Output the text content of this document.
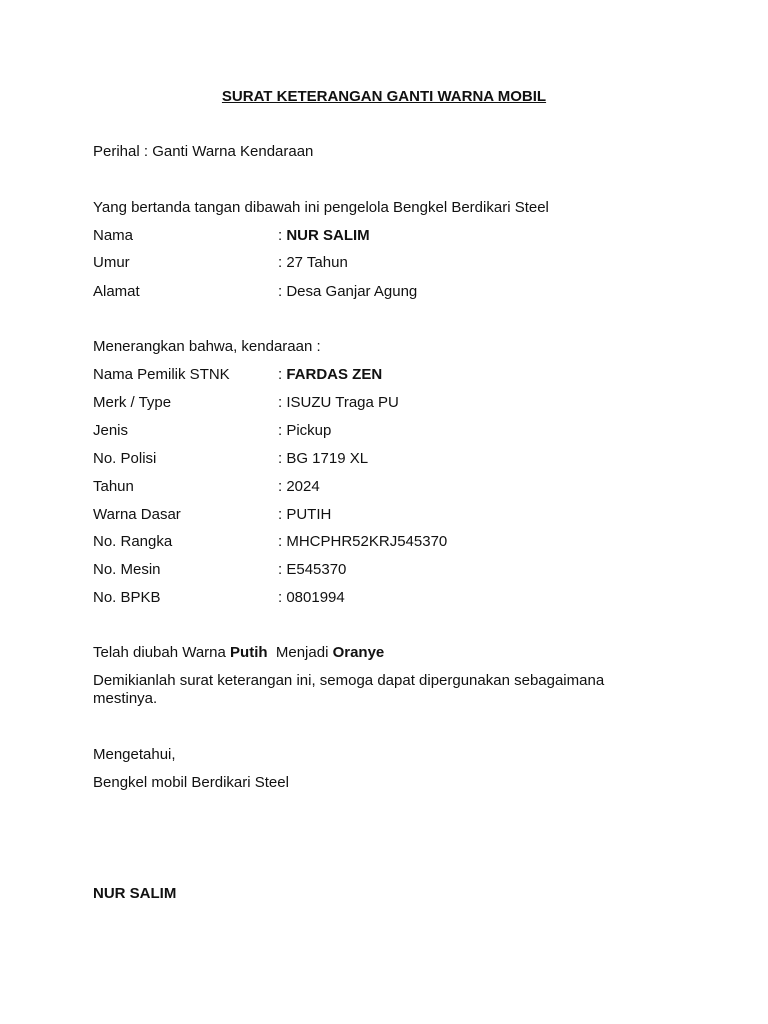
SURAT KETERANGAN GANTI WARNA MOBIL

Perihal : Ganti Warna Kendaraan

Yang bertanda tangan dibawah ini pengelola Bengkel Berdikari Steel

Nama	: NUR SALIM

Umur	: 27 Tahun

Alamat	: Desa Ganjar Agung

Menerangkan bahwa, kendaraan :

Nama Pemilik STNK	: FARDAS ZEN

Merk / Type	: ISUZU Traga PU

Jenis	: Pickup

No. Polisi	: BG 1719 XL

Tahun	: 2024

Warna Dasar	: PUTIH

No. Rangka	: MHCPHR52KRJ545370

No. Mesin	: E545370

No. BPKB	: 0801994

Telah diubah Warna Putih  Menjadi Oranye

Demikianlah surat keterangan ini, semoga dapat dipergunakan sebagaimana mestinya.

Mengetahui,

Bengkel mobil Berdikari Steel

NUR SALIM
